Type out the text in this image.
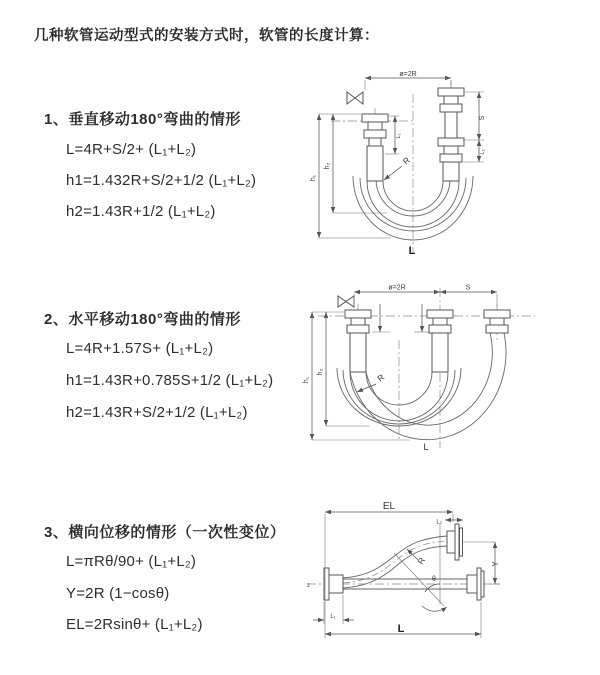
几种软管运动型式的安装方式时，软管的长度计算：
1、垂直移动180°弯曲的情形
L=4R+S/2+ (L₁+L₂)
h1=1.432R+S/2+1/2 (L₁+L₂)
h2=1.43R+1/2 (L₁+L₂)
2、水平移动180°弯曲的情形
L=4R+1.57S+ (L₁+L₂)
h1=1.43R+0.785S+1/2 (L₁+L₂)
h2=1.43R+S/2+1/2 (L₁+L₂)
3、横向位移的情形（一次性变位）
L=πRθ/90+ (L₁+L₂)
Y=2R (1−cosθ)
EL=2Rsinθ+ (L₁+L₂)
ø=2R
S
L₂
L₁
h₁
h₂	R
L
ø=2R	S
h₁
h₂	R
L
EL
L₂
Y
R
θ
L
L₁
z
